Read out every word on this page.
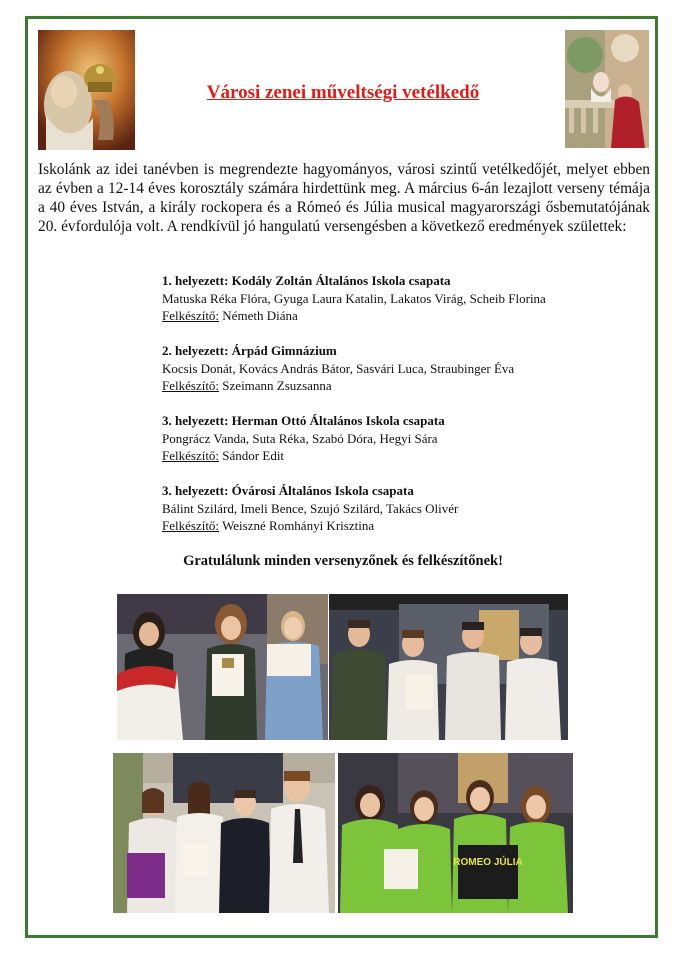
Városi zenei műveltségi vetélkedő

Iskolánk az idei tanévben is megrendezte hagyományos, városi szintű vetélkedőjét, melyet ebben az évben a 12-14 éves korosztály számára hirdettünk meg. A március 6-án lezajlott verseny témája a 40 éves István, a király rockopera és a Rómeó és Júlia musical magyarországi ősbemutatójának 20. évfordulója volt. A rendkívül jó hangulatú versengésben a következő eredmények születtek:

1. helyezett: Kodály Zoltán Általános Iskola csapata
Matuska Réka Flóra, Gyuga Laura Katalin, Lakatos Virág, Scheib Florina
Felkészítő: Németh Diána
2. helyezett: Árpád Gimnázium
Kocsis Donát, Kovács András Bátor, Sasvári Luca, Straubinger Éva
Felkészítő: Szeimann Zsuzsanna
3. helyezett: Herman Ottó Általános Iskola csapata
Pongrácz Vanda, Suta Réka, Szabó Dóra, Hegyi Sára
Felkészítő: Sándor Edit
3. helyezett: Óvárosi Általános Iskola csapata
Bálint Szilárd, Imeli Bence, Szujó Szilárd, Takács Olivér
Felkészítő: Weiszné Romhányi Krisztina
Gratulálunk minden versenyzőnek és felkészítőnek!
ROMEO JÚLIA
